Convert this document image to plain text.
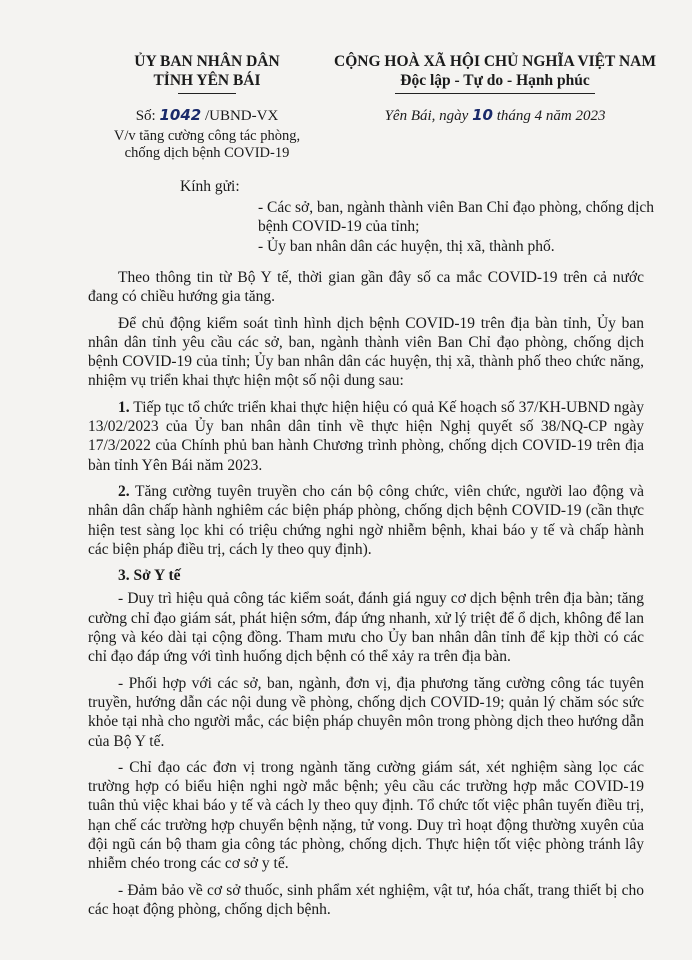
ỦY BAN NHÂN DÂN
TỈNH YÊN BÁI
Số: 1042 /UBND-VX
V/v tăng cường công tác phòng,
chống dịch bệnh COVID-19
CỘNG HOÀ XÃ HỘI CHỦ NGHĨA VIỆT NAM
Độc lập - Tự do - Hạnh phúc
Yên Bái, ngày 10 tháng 4 năm 2023
Kính gửi:
- Các sở, ban, ngành thành viên Ban Chỉ đạo phòng, chống dịch bệnh COVID-19 của tỉnh;
- Ủy ban nhân dân các huyện, thị xã, thành phố.

Theo thông tin từ Bộ Y tế, thời gian gần đây số ca mắc COVID-19 trên cả nước đang có chiều hướng gia tăng.

Để chủ động kiểm soát tình hình dịch bệnh COVID-19 trên địa bàn tỉnh, Ủy ban nhân dân tỉnh yêu cầu các sở, ban, ngành thành viên Ban Chỉ đạo phòng, chống dịch bệnh COVID-19 của tỉnh; Ủy ban nhân dân các huyện, thị xã, thành phố theo chức năng, nhiệm vụ triển khai thực hiện một số nội dung sau:

1. Tiếp tục tổ chức triển khai thực hiện hiệu có quả Kế hoạch số 37/KH-UBND ngày 13/02/2023 của Ủy ban nhân dân tỉnh về thực hiện Nghị quyết số 38/NQ-CP ngày 17/3/2022 của Chính phủ ban hành Chương trình phòng, chống dịch COVID-19 trên địa bàn tỉnh Yên Bái năm 2023.

2. Tăng cường tuyên truyền cho cán bộ công chức, viên chức, người lao động và nhân dân chấp hành nghiêm các biện pháp phòng, chống dịch bệnh COVID-19 (cần thực hiện test sàng lọc khi có triệu chứng nghi ngờ nhiễm bệnh, khai báo y tế và chấp hành các biện pháp điều trị, cách ly theo quy định).

3. Sở Y tế

- Duy trì hiệu quả công tác kiểm soát, đánh giá nguy cơ dịch bệnh trên địa bàn; tăng cường chỉ đạo giám sát, phát hiện sớm, đáp ứng nhanh, xử lý triệt để ổ dịch, không để lan rộng và kéo dài tại cộng đồng. Tham mưu cho Ủy ban nhân dân tỉnh để kịp thời có các chỉ đạo đáp ứng với tình huống dịch bệnh có thể xảy ra trên địa bàn.

- Phối hợp với các sở, ban, ngành, đơn vị, địa phương tăng cường công tác tuyên truyền, hướng dẫn các nội dung về phòng, chống dịch COVID-19; quản lý chăm sóc sức khỏe tại nhà cho người mắc, các biện pháp chuyên môn trong phòng dịch theo hướng dẫn của Bộ Y tế.

- Chỉ đạo các đơn vị trong ngành tăng cường giám sát, xét nghiệm sàng lọc các trường hợp có biểu hiện nghi ngờ mắc bệnh; yêu cầu các trường hợp mắc COVID-19 tuân thủ việc khai báo y tế và cách ly theo quy định. Tổ chức tốt việc phân tuyến điều trị, hạn chế các trường hợp chuyển bệnh nặng, tử vong. Duy trì hoạt động thường xuyên của đội ngũ cán bộ tham gia công tác phòng, chống dịch. Thực hiện tốt việc phòng tránh lây nhiễm chéo trong các cơ sở y tế.

- Đảm bảo về cơ sở thuốc, sinh phẩm xét nghiệm, vật tư, hóa chất, trang thiết bị cho các hoạt động phòng, chống dịch bệnh.
